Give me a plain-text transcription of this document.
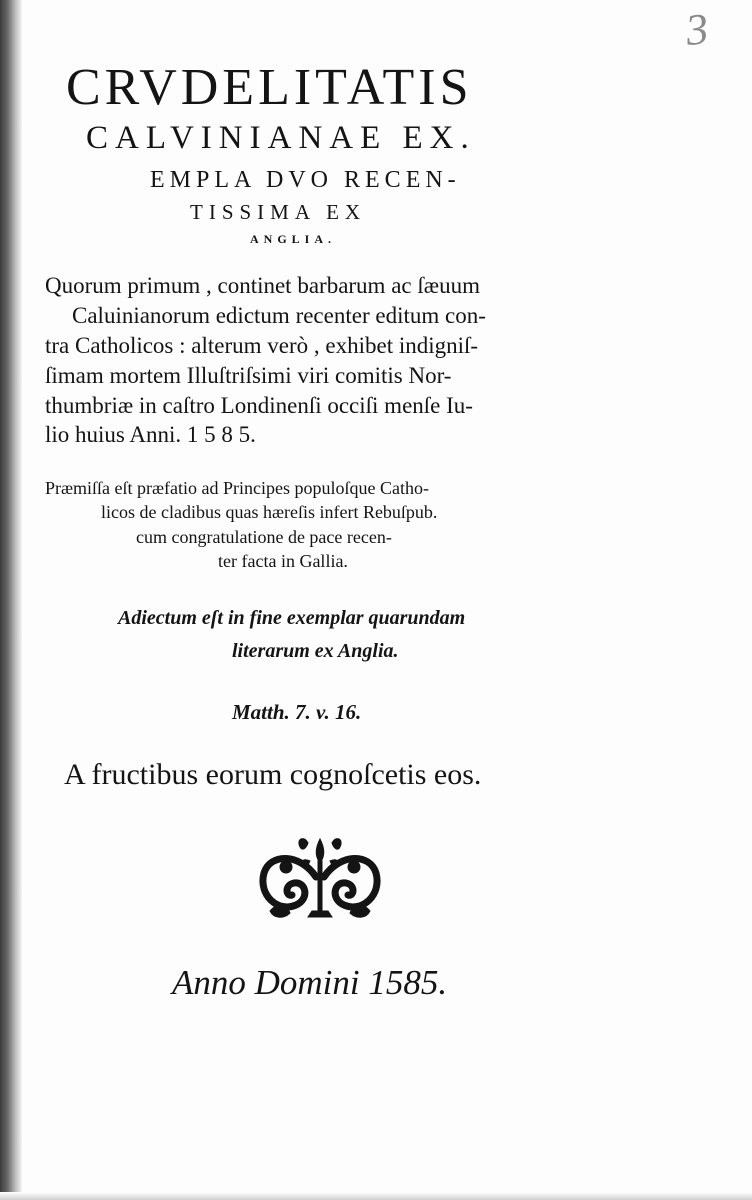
3
CRVDELITATIS
CALVINIANAE EX.
EMPLA DVO RECEN-
TISSIMA EX
ANGLIA.
Quorum primum , continet barbarum ac ſæuum
Caluinianorum edictum recenter editum con-
tra Catholicos : alterum verò , exhibet indigniſ-
ſimam mortem Illuſtriſsimi viri comitis Nor-
thumbriæ in caſtro Londinenſi occiſi menſe Iu-
lio huius Anni. 1 5 8 5.
Præmiſſa eſt præfatio ad Principes populoſque Catho-
licos de cladibus quas hæreſis infert Rebuſpub.
cum congratulatione de pace recen-
ter facta in Gallia.
Adiectum eſt in fine exemplar quarundam
literarum ex Anglia.
Matth. 7. v. 16.
A fructibus eorum cognoſcetis eos.
Anno Domini 1585.
